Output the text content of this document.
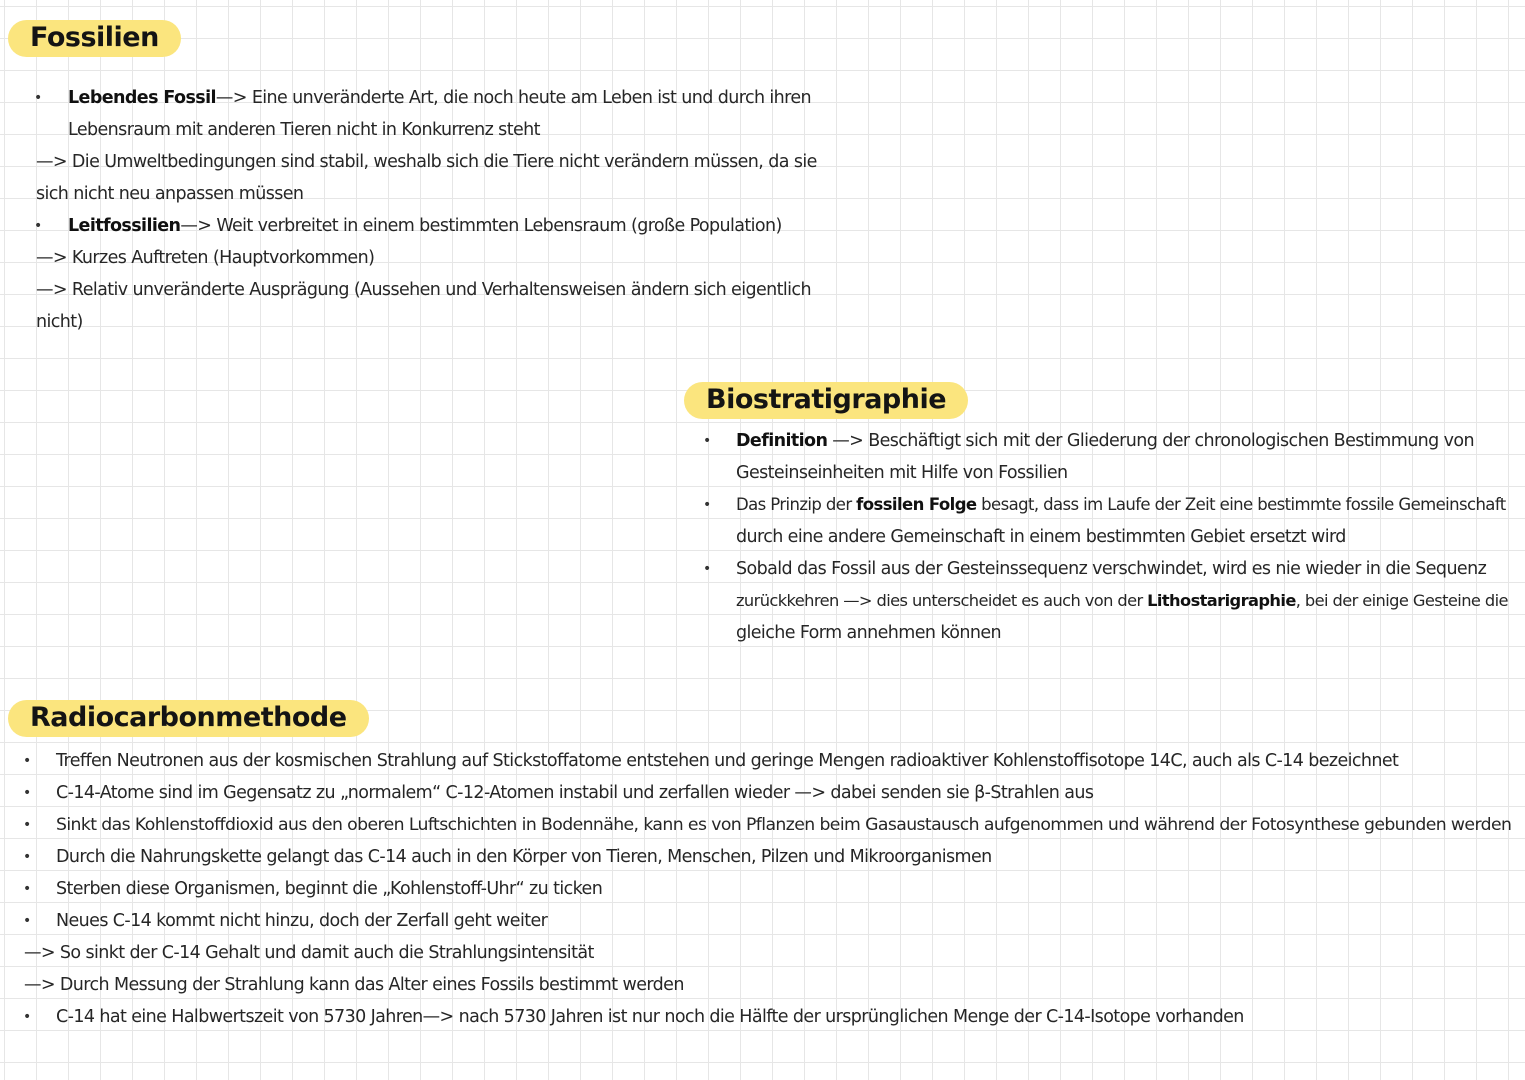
Fossilien
• Lebendes Fossil—> Eine unveränderte Art, die noch heute am Leben ist und durch ihren
Lebensraum mit anderen Tieren nicht in Konkurrenz steht
—> Die Umweltbedingungen sind stabil, weshalb sich die Tiere nicht verändern müssen, da sie
sich nicht neu anpassen müssen
• Leitfossilien—> Weit verbreitet in einem bestimmten Lebensraum (große Population)
—> Kurzes Auftreten (Hauptvorkommen)
—> Relativ unveränderte Ausprägung (Aussehen und Verhaltensweisen ändern sich eigentlich
nicht)
Biostratigraphie
• Definition —> Beschäftigt sich mit der Gliederung der chronologischen Bestimmung von
Gesteinseinheiten mit Hilfe von Fossilien
• Das Prinzip der fossilen Folge besagt, dass im Laufe der Zeit eine bestimmte fossile Gemeinschaft
durch eine andere Gemeinschaft in einem bestimmten Gebiet ersetzt wird
• Sobald das Fossil aus der Gesteinssequenz verschwindet, wird es nie wieder in die Sequenz
zurückkehren —> dies unterscheidet es auch von der Lithostarigraphie, bei der einige Gesteine die
gleiche Form annehmen können
Radiocarbonmethode
• Treffen Neutronen aus der kosmischen Strahlung auf Stickstoffatome entstehen und geringe Mengen radioaktiver Kohlenstoffisotope 14C, auch als C-14 bezeichnet
• C-14-Atome sind im Gegensatz zu „normalem“ C-12-Atomen instabil und zerfallen wieder —> dabei senden sie β-Strahlen aus
• Sinkt das Kohlenstoffdioxid aus den oberen Luftschichten in Bodennähe, kann es von Pflanzen beim Gasaustausch aufgenommen und während der Fotosynthese gebunden werden
• Durch die Nahrungskette gelangt das C-14 auch in den Körper von Tieren, Menschen, Pilzen und Mikroorganismen
• Sterben diese Organismen, beginnt die „Kohlenstoff-Uhr“ zu ticken
• Neues C-14 kommt nicht hinzu, doch der Zerfall geht weiter
—> So sinkt der C-14 Gehalt und damit auch die Strahlungsintensität
—> Durch Messung der Strahlung kann das Alter eines Fossils bestimmt werden
• C-14 hat eine Halbwertszeit von 5730 Jahren—> nach 5730 Jahren ist nur noch die Hälfte der ursprünglichen Menge der C-14-Isotope vorhanden
